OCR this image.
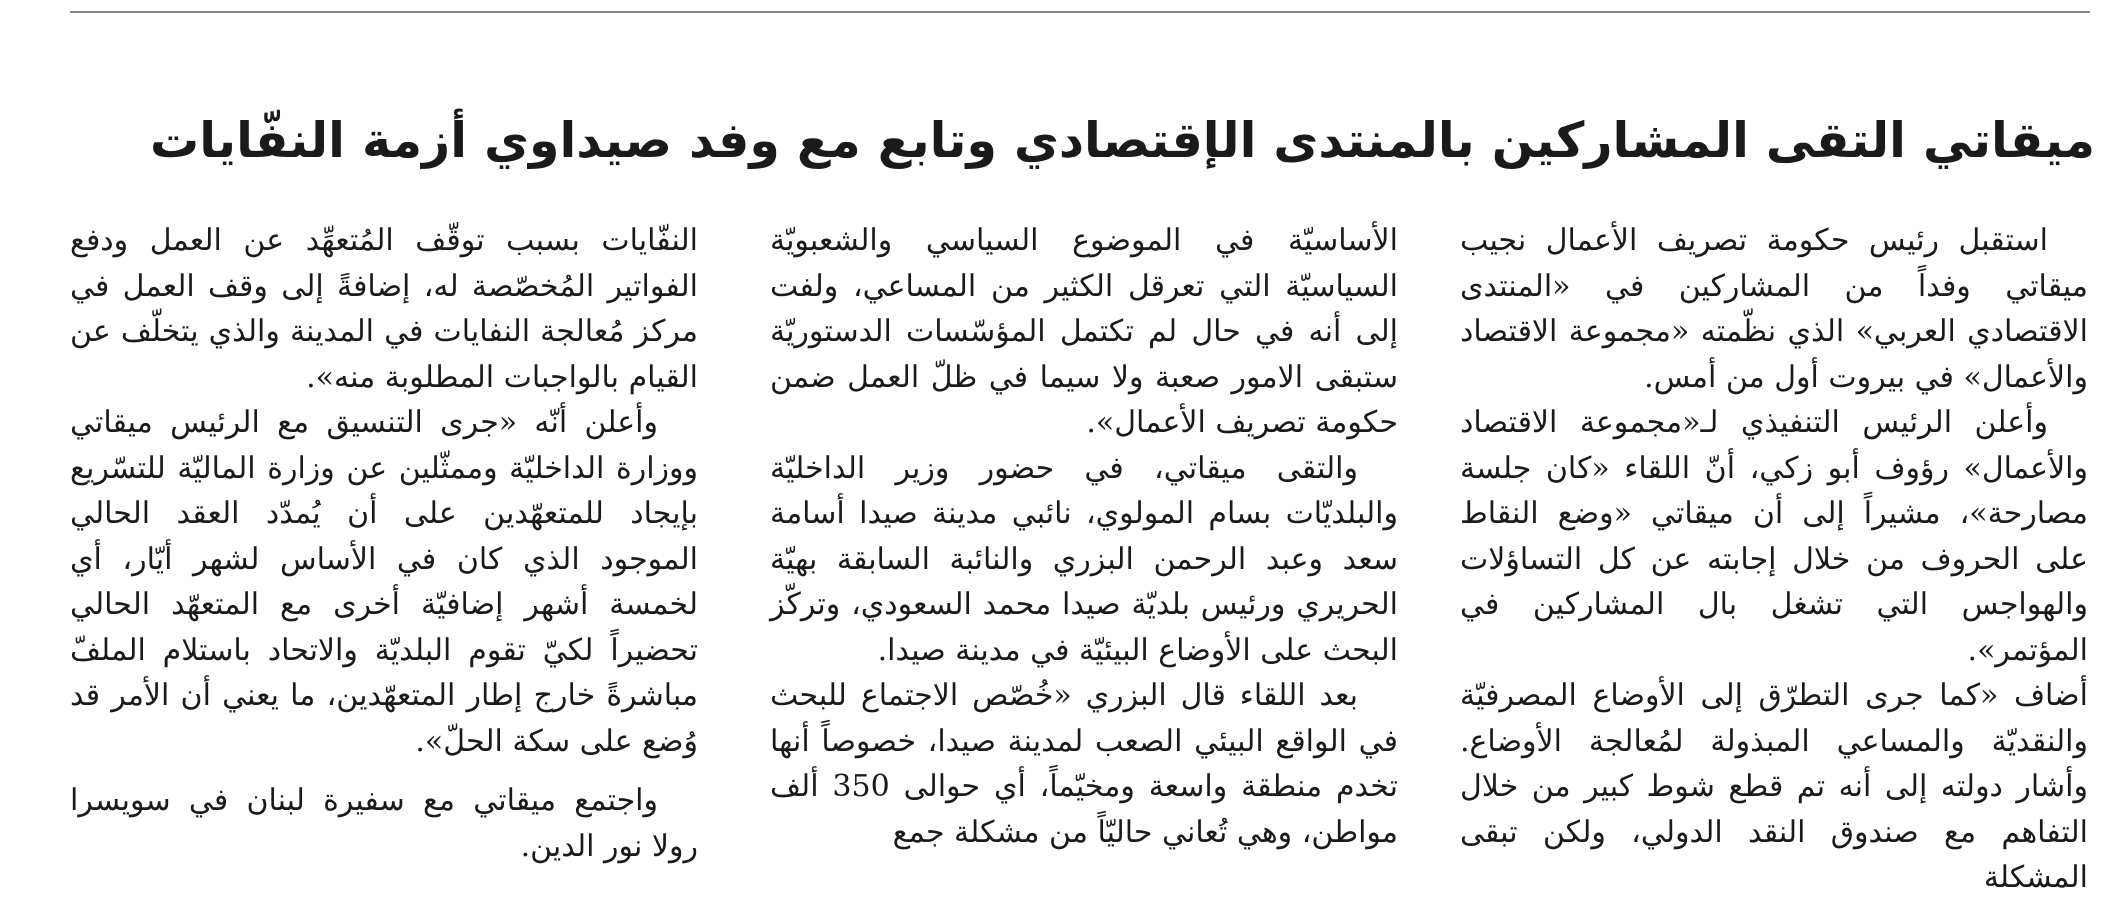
ميقاتي التقى المشاركين بالمنتدى الإقتصادي وتابع مع وفد صيداوي أزمة النفّايات

استقبل رئيس حكومة تصريف الأعمال نجيب ميقاتي وفداً من المشاركين في «المنتدى الاقتصادي العربي» الذي نظّمته «مجموعة الاقتصاد والأعمال» في بيروت أول من أمس.

وأعلن الرئيس التنفيذي لـ«مجموعة الاقتصاد والأعمال» رؤوف أبو زكي، أنّ اللقاء «كان جلسة مصارحة»، مشيراً إلى أن ميقاتي «وضع النقاط على الحروف من خلال إجابته عن كل التساؤلات والهواجس التي تشغل بال المشاركين في المؤتمر».

أضاف «كما جرى التطرّق إلى الأوضاع المصرفيّة والنقديّة والمساعي المبذولة لمُعالجة الأوضاع. وأشار دولته إلى أنه تم قطع شوط كبير من خلال التفاهم مع صندوق النقد الدولي، ولكن تبقى المشكلة

الأساسيّة في الموضوع السياسي والشعبويّة السياسيّة التي تعرقل الكثير من المساعي، ولفت إلى أنه في حال لم تكتمل المؤسّسات الدستوريّة ستبقى الامور صعبة ولا سيما في ظلّ العمل ضمن حكومة تصريف الأعمال».

والتقى ميقاتي، في حضور وزير الداخليّة والبلديّات بسام المولوي، نائبي مدينة صيدا أسامة سعد وعبد الرحمن البزري والنائبة السابقة بهيّة الحريري ورئيس بلديّة صيدا محمد السعودي، وتركّز البحث على الأوضاع البيئيّة في مدينة صيدا.

بعد اللقاء قال البزري «خُصّص الاجتماع للبحث في الواقع البيئي الصعب لمدينة صيدا، خصوصاً أنها تخدم منطقة واسعة ومخيّماً، أي حوالى 350 ألف مواطن، وهي تُعاني حاليّاً من مشكلة جمع

النفّايات بسبب توقّف المُتعهِّد عن العمل ودفع الفواتير المُخصّصة له، إضافةً إلى وقف العمل في مركز مُعالجة النفايات في المدينة والذي يتخلّف عن القيام بالواجبات المطلوبة منه».

وأعلن أنّه «جرى التنسيق مع الرئيس ميقاتي ووزارة الداخليّة وممثّلين عن وزارة الماليّة للتسّريع بإيجاد للمتعهّدين على أن يُمدّد العقد الحالي الموجود الذي كان في الأساس لشهر أيّار، أي لخمسة أشهر إضافيّة أخرى مع المتعهّد الحالي تحضيراً لكيّ تقوم البلديّة والاتحاد باستلام الملفّ مباشرةً خارج إطار المتعهّدين، ما يعني أن الأمر قد وُضع على سكة الحلّ».

واجتمع ميقاتي مع سفيرة لبنان في سويسرا رولا نور الدين.
